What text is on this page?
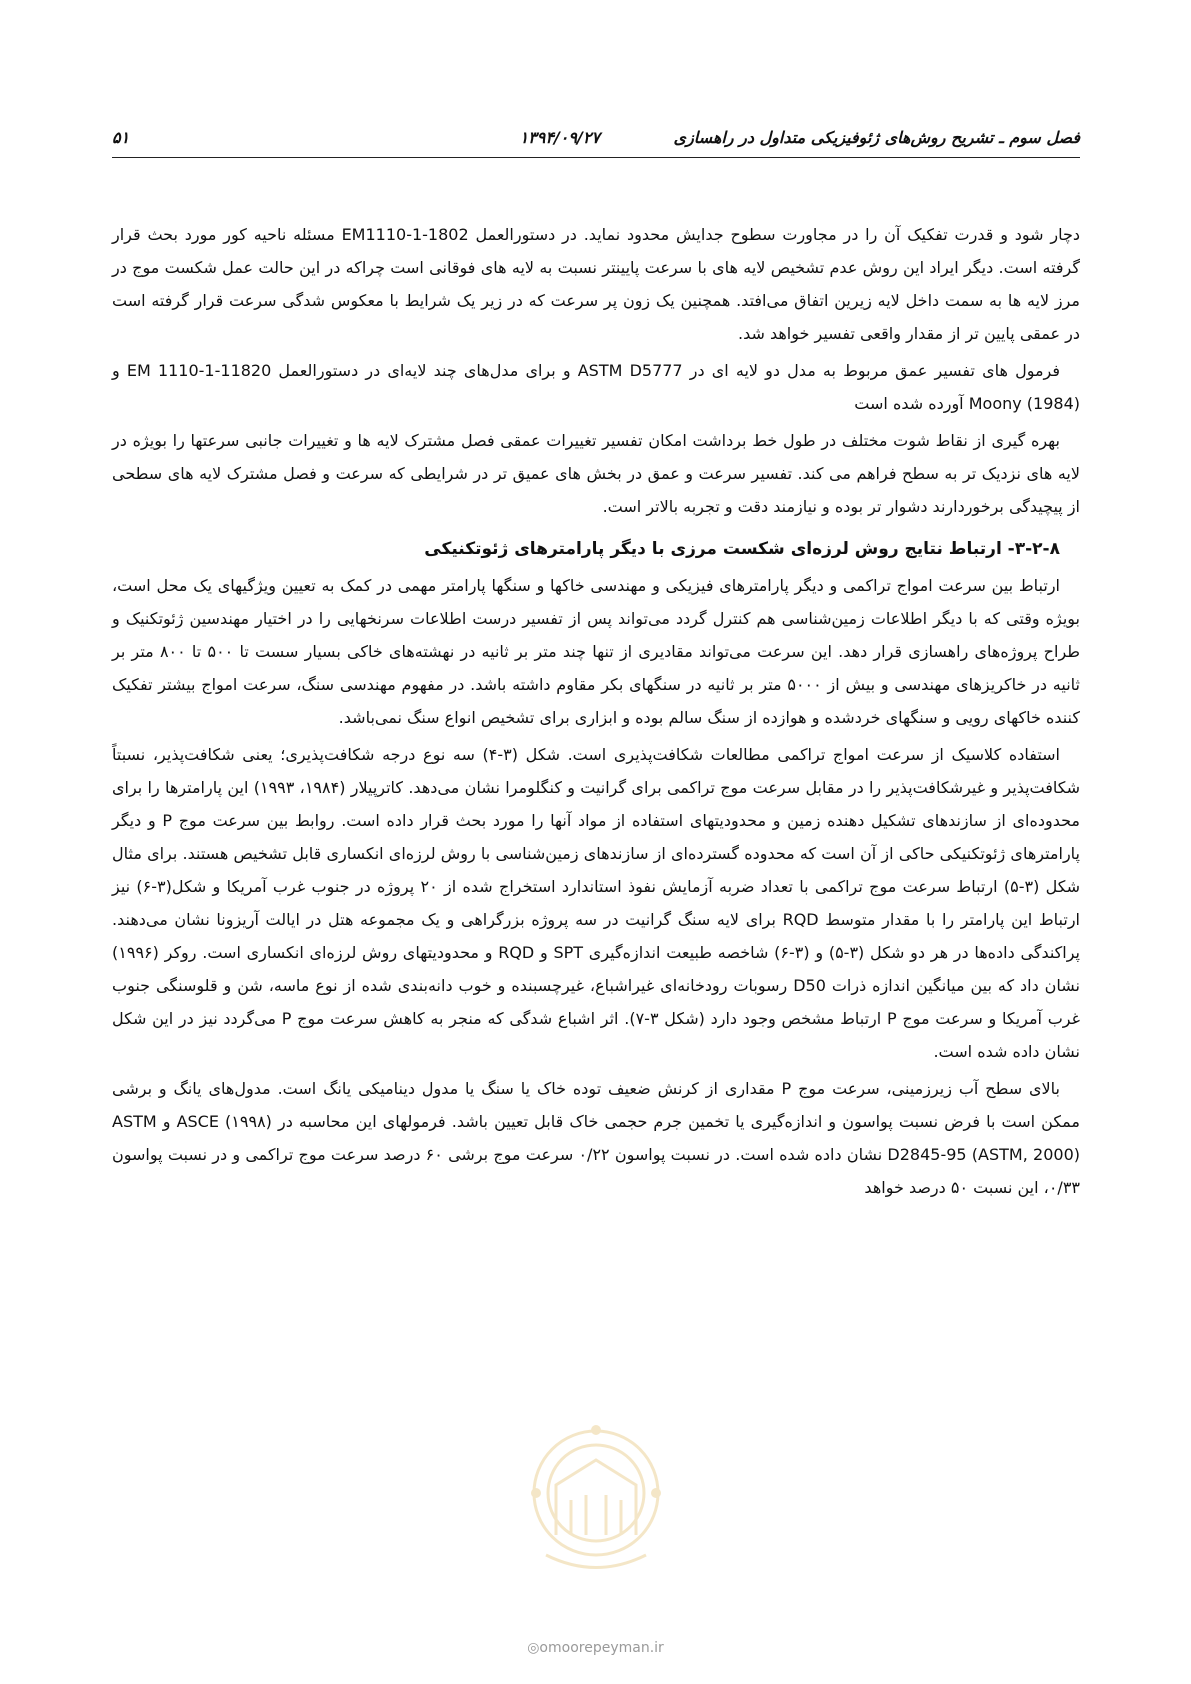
فصل سوم ـ تشریح روش‌های ژئوفیزیکی متداول در راهسازی
۱۳۹۴/۰۹/۲۷
۵۱

دچار شود و قدرت تفکیک آن را در مجاورت سطوح جدایش محدود نماید. در دستورالعمل EM1110-1-1802 مسئله ناحیه کور مورد بحث قرار گرفته است. دیگر ایراد این روش عدم تشخیص لایه های با سرعت پایینتر نسبت به لایه های فوقانی است چراکه در این حالت عمل شکست موج در مرز لایه ها به سمت داخل لایه زیرین اتفاق می‌افتد. همچنین یک زون پر سرعت که در زیر یک شرایط با معکوس شدگی سرعت قرار گرفته است در عمقی پایین تر از مقدار واقعی تفسیر خواهد شد.

فرمول های تفسیر عمق مربوط به مدل دو لایه ای در ASTM D5777 و برای مدل‌های چند لایه‌ای در دستورالعمل EM 1110-1-11820 و Moony (1984) آورده شده است

بهره گیری از نقاط شوت مختلف در طول خط برداشت امکان تفسیر تغییرات عمقی فصل مشترک لایه ها و تغییرات جانبی سرعتها را بویژه در لایه های نزدیک تر به سطح فراهم می کند. تفسیر سرعت و عمق در بخش های عمیق تر در شرایطی که سرعت و فصل مشترک لایه های سطحی از پیچیدگی برخوردارند دشوار تر بوده و نیازمند دقت و تجربه بالاتر است.

۳-۲-۸- ارتباط نتایج روش لرزه‌ای شکست مرزی با دیگر پارامترهای ژئوتکنیکی

ارتباط بین سرعت امواج تراکمی و دیگر پارامترهای فیزیکی و مهندسی خاکها و سنگها پارامتر مهمی در کمک به تعیین ویژگیهای یک محل است، بویژه وقتی که با دیگر اطلاعات زمین‌شناسی هم کنترل گردد می‌تواند پس از تفسیر درست اطلاعات سرنخهایی را در اختیار مهندسین ژئوتکنیک و طراح پروژه‌های راهسازی قرار دهد. این سرعت می‌تواند مقادیری از تنها چند متر بر ثانیه در نهشته‌های خاکی بسیار سست تا ۵۰۰ تا ۸۰۰ متر بر ثانیه در خاکریزهای مهندسی و بیش از ۵۰۰۰ متر بر ثانیه در سنگهای بکر مقاوم داشته باشد. در مفهوم مهندسی سنگ، سرعت امواج بیشتر تفکیک کننده خاکهای رویی و سنگهای خردشده و هوازده از سنگ سالم بوده و ابزاری برای تشخیص انواع سنگ نمی‌باشد.

استفاده کلاسیک از سرعت امواج تراکمی مطالعات شکافت‌پذیری است. شکل (۳-۴) سه نوع درجه شکافت‌پذیری؛ یعنی شکافت‌پذیر، نسبتاً شکافت‌پذیر و غیرشکافت‌پذیر را در مقابل سرعت موج تراکمی برای گرانیت و کنگلومرا نشان می‌دهد. کاترپیلار (۱۹۸۴، ۱۹۹۳) این پارامترها را برای محدوده‌ای از سازندهای تشکیل دهنده زمین و محدودیتهای استفاده از مواد آنها را مورد بحث قرار داده است. روابط بین سرعت موج P و دیگر پارامترهای ژئوتکنیکی حاکی از آن است که محدوده گسترده‌ای از سازندهای زمین‌شناسی با روش لرزه‌ای انکساری قابل تشخیص هستند. برای مثال شکل (۳-۵) ارتباط سرعت موج تراکمی با تعداد ضربه آزمایش نفوذ استاندارد استخراج شده از ۲۰ پروژه در جنوب غرب آمریکا و شکل(۳-۶) نیز ارتباط این پارامتر را با مقدار متوسط RQD برای لایه سنگ گرانیت در سه پروژه بزرگراهی و یک مجموعه هتل در ایالت آریزونا نشان می‌دهند. پراکندگی داده‌ها در هر دو شکل (۳-۵) و (۳-۶) شاخصه طبیعت اندازه‌گیری SPT و RQD و محدودیتهای روش لرزه‌ای انکساری است. روکر (۱۹۹۶) نشان داد که بین میانگین اندازه ذرات D50 رسوبات رودخانه‌ای غیراشباع، غیرچسبنده و خوب دانه‌بندی شده از نوع ماسه، شن و قلوسنگی جنوب غرب آمریکا و سرعت موج P ارتباط مشخص وجود دارد (شکل ۳-۷). اثر اشباع شدگی که منجر به کاهش سرعت موج P می‌گردد نیز در این شکل نشان داده شده است.

بالای سطح آب زیرزمینی، سرعت موج P مقداری از کرنش ضعیف توده خاک یا سنگ یا مدول دینامیکی یانگ است. مدول‌های یانگ و برشی ممکن است با فرض نسبت پواسون و اندازه‌گیری یا تخمین جرم حجمی خاک قابل تعیین باشد. فرمولهای این محاسبه در ASCE (۱۹۹۸) و ASTM D2845-95 (ASTM, 2000) نشان داده شده است. در نسبت پواسون ۰/۲۲ سرعت موج برشی ۶۰ درصد سرعت موج تراکمی و در نسبت پواسون ۰/۳۳، این نسبت ۵۰ درصد خواهد

◎omoorepeyman.ir
